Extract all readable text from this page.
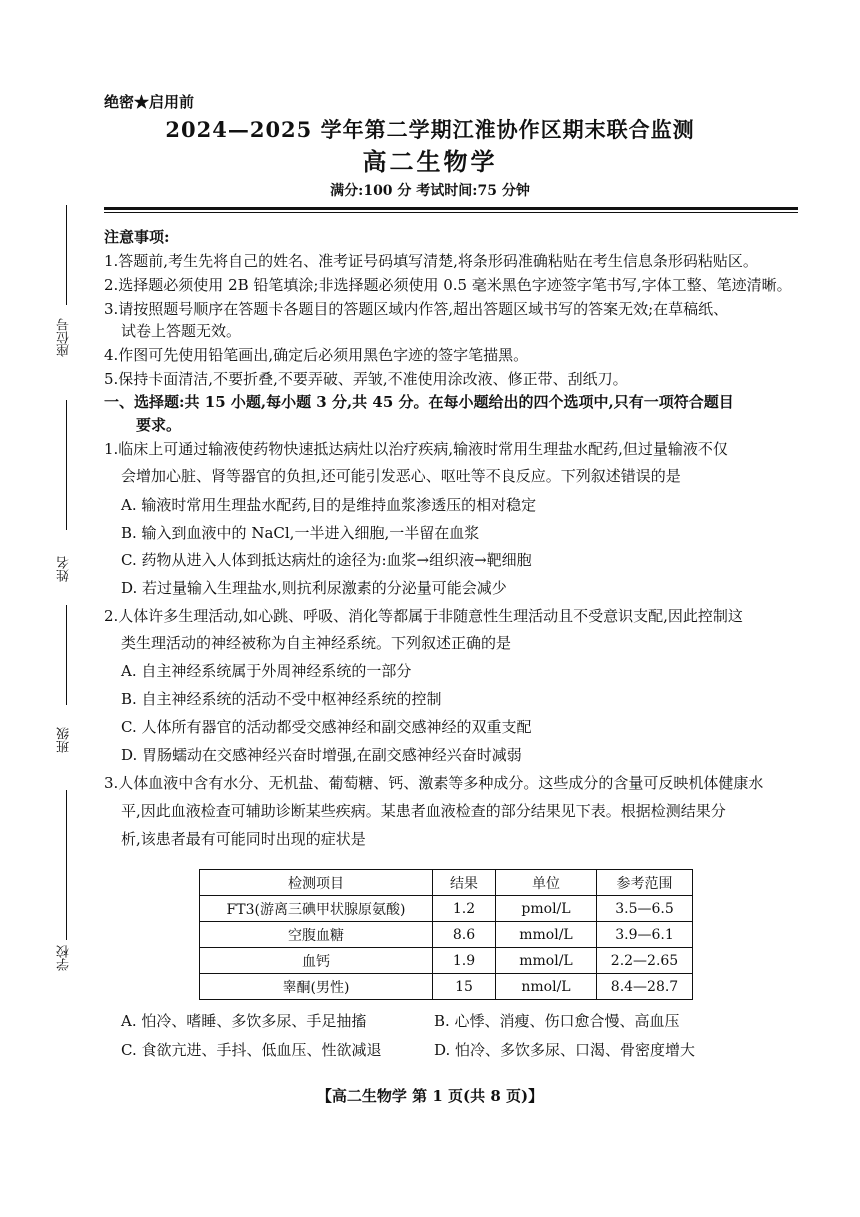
绝密★启用前
2024—2025 学年第二学期江淮协作区期末联合监测
高二生物学
满分:100 分 考试时间:75 分钟
座位号
姓名
班级
学校
注意事项:
1.答题前,考生先将自己的姓名、准考证号码填写清楚,将条形码准确粘贴在考生信息条形码粘贴区。
2.选择题必须使用 2B 铅笔填涂;非选择题必须使用 0.5 毫米黑色字迹签字笔书写,字体工整、笔迹清晰。
3.请按照题号顺序在答题卡各题目的答题区域内作答,超出答题区域书写的答案无效;在草稿纸、
试卷上答题无效。
4.作图可先使用铅笔画出,确定后必须用黑色字迹的签字笔描黑。
5.保持卡面清洁,不要折叠,不要弄破、弄皱,不准使用涂改液、修正带、刮纸刀。
一、选择题:共 15 小题,每小题 3 分,共 45 分。在每小题给出的四个选项中,只有一项符合题目
要求。
1.临床上可通过输液使药物快速抵达病灶以治疗疾病,输液时常用生理盐水配药,但过量输液不仅
会增加心脏、肾等器官的负担,还可能引发恶心、呕吐等不良反应。下列叙述错误的是
A. 输液时常用生理盐水配药,目的是维持血浆渗透压的相对稳定
B. 输入到血液中的 NaCl,一半进入细胞,一半留在血浆
C. 药物从进入人体到抵达病灶的途径为:血浆→组织液→靶细胞
D. 若过量输入生理盐水,则抗利尿激素的分泌量可能会减少
2.人体许多生理活动,如心跳、呼吸、消化等都属于非随意性生理活动且不受意识支配,因此控制这
类生理活动的神经被称为自主神经系统。下列叙述正确的是
A. 自主神经系统属于外周神经系统的一部分
B. 自主神经系统的活动不受中枢神经系统的控制
C. 人体所有器官的活动都受交感神经和副交感神经的双重支配
D. 胃肠蠕动在交感神经兴奋时增强,在副交感神经兴奋时减弱
3.人体血液中含有水分、无机盐、葡萄糖、钙、激素等多种成分。这些成分的含量可反映机体健康水
平,因此血液检查可辅助诊断某些疾病。某患者血液检查的部分结果见下表。根据检测结果分
析,该患者最有可能同时出现的症状是
检测项目	结果	单位	参考范围
FT3(游离三碘甲状腺原氨酸)	1.2	pmol/L	3.5—6.5
空腹血糖	8.6	mmol/L	3.9—6.1
血钙	1.9	mmol/L	2.2—2.65
睾酮(男性)	15	nmol/L	8.4—28.7
A. 怕冷、嗜睡、多饮多尿、手足抽搐	B. 心悸、消瘦、伤口愈合慢、高血压
C. 食欲亢进、手抖、低血压、性欲减退	D. 怕冷、多饮多尿、口渴、骨密度增大
【高二生物学 第 1 页(共 8 页)】
